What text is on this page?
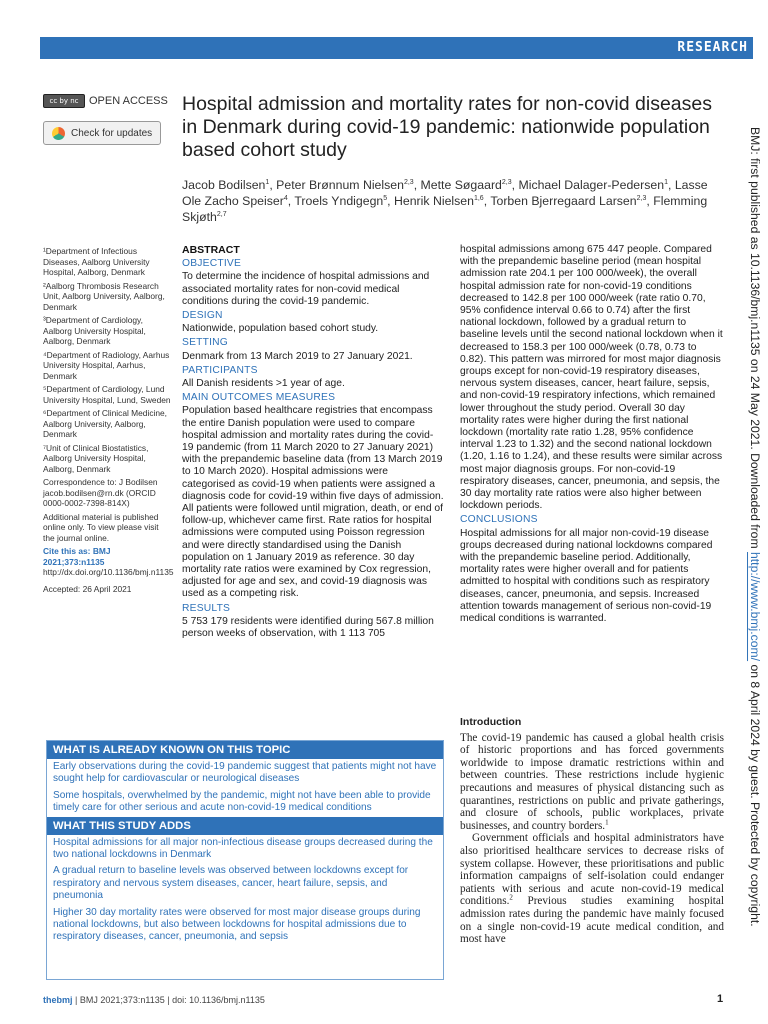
RESEARCH
cc by nc OPEN ACCESS
Check for updates
Hospital admission and mortality rates for non-covid diseases in Denmark during covid-19 pandemic: nationwide population based cohort study
Jacob Bodilsen$^1$, Peter Brønnum Nielsen$^{2,3}$, Mette Søgaard$^{2,3}$, Michael Dalager-Pedersen$^1$, Lasse Ole Zacho Speiser$^4$, Troels Yndigegn$^5$, Henrik Nielsen$^{1,6}$, Torben Bjerregaard Larsen$^{2,3}$, Flemming Skjøth$^{2,7}$	BMJ: first published as 10.1136/bmj.n1135 on 24 May 2021. Downloaded from http://www.bmj.com/ on 8 April 2024 by guest. Protected by copyright.

¹Department of Infectious Diseases, Aalborg University Hospital, Aalborg, Denmark

²Aalborg Thrombosis Research Unit, Aalborg University, Aalborg, Denmark

³Department of Cardiology, Aalborg University Hospital, Aalborg, Denmark

⁴Department of Radiology, Aarhus University Hospital, Aarhus, Denmark

⁵Department of Cardiology, Lund University Hospital, Lund, Sweden

⁶Department of Clinical Medicine, Aalborg University, Aalborg, Denmark

⁷Unit of Clinical Biostatistics, Aalborg University Hospital, Aalborg, Denmark

Correspondence to: J Bodilsen jacob.bodilsen@rn.dk (ORCID 0000-0002-7398-814X)

Additional material is published online only. To view please visit the journal online.

Cite this as: BMJ 2021;373:n1135
http://dx.doi.org/10.1136/bmj.n1135

Accepted: 26 April 2021

ABSTRACT
OBJECTIVE

To determine the incidence of hospital admissions and associated mortality rates for non-covid medical conditions during the covid-19 pandemic.

DESIGN

Nationwide, population based cohort study.

SETTING

Denmark from 13 March 2019 to 27 January 2021.

PARTICIPANTS

All Danish residents >1 year of age.

MAIN OUTCOMES MEASURES

Population based healthcare registries that encompass the entire Danish population were used to compare hospital admission and mortality rates during the covid-19 pandemic (from 11 March 2020 to 27 January 2021) with the prepandemic baseline data (from 13 March 2019 to 10 March 2020). Hospital admissions were categorised as covid-19 when patients were assigned a diagnosis code for covid-19 within five days of admission. All patients were followed until migration, death, or end of follow-up, whichever came first. Rate ratios for hospital admissions were computed using Poisson regression and were directly standardised using the Danish population on 1 January 2019 as reference. 30 day mortality rate ratios were examined by Cox regression, adjusted for age and sex, and covid-19 diagnosis was used as a competing risk.

RESULTS

5 753 179 residents were identified during 567.8 million person weeks of observation, with 1 113 705

hospital admissions among 675 447 people. Compared with the prepandemic baseline period (mean hospital admission rate 204.1 per 100 000/week), the overall hospital admission rate for non-covid-19 conditions decreased to 142.8 per 100 000/week (rate ratio 0.70, 95% confidence interval 0.66 to 0.74) after the first national lockdown, followed by a gradual return to baseline levels until the second national lockdown when it decreased to 158.3 per 100 000/week (0.78, 0.73 to 0.82). This pattern was mirrored for most major diagnosis groups except for non-covid-19 respiratory diseases, nervous system diseases, cancer, heart failure, sepsis, and non-covid-19 respiratory infections, which remained lower throughout the study period. Overall 30 day mortality rates were higher during the first national lockdown (mortality rate ratio 1.28, 95% confidence interval 1.23 to 1.32) and the second national lockdown (1.20, 1.16 to 1.24), and these results were similar across most major diagnosis groups. For non-covid-19 respiratory diseases, cancer, pneumonia, and sepsis, the 30 day mortality rate ratios were also higher between lockdown periods.

CONCLUSIONS

Hospital admissions for all major non-covid-19 disease groups decreased during national lockdowns compared with the prepandemic baseline period. Additionally, mortality rates were higher overall and for patients admitted to hospital with conditions such as respiratory diseases, cancer, pneumonia, and sepsis. Increased attention towards management of serious non-covid-19 medical conditions is warranted.

WHAT IS ALREADY KNOWN ON THIS TOPIC
Early observations during the covid-19 pandemic suggest that patients might not have sought help for cardiovascular or neurological diseases
Some hospitals, overwhelmed by the pandemic, might not have been able to provide timely care for other serious and acute non-covid-19 medical conditions
WHAT THIS STUDY ADDS
Hospital admissions for all major non-infectious disease groups decreased during the two national lockdowns in Denmark
A gradual return to baseline levels was observed between lockdowns except for respiratory and nervous system diseases, cancer, heart failure, sepsis, and pneumonia
Higher 30 day mortality rates were observed for most major disease groups during national lockdowns, but also between lockdowns for hospital admissions due to respiratory diseases, cancer, pneumonia, and sepsis
Introduction

The covid-19 pandemic has caused a global health crisis of historic proportions and has forced governments worldwide to impose dramatic restrictions within and between countries. These restrictions include hygienic precautions and measures of physical distancing such as quarantines, restrictions on public and private gatherings, and closure of schools, public workplaces, private businesses, and country borders.$^1$

Government officials and hospital administrators have also prioritised healthcare services to decrease risks of system collapse. However, these prioritisations and public information campaigns of self-isolation could endanger patients with serious and acute non-covid-19 medical conditions.$^2$ Previous studies examining hospital admission rates during the pandemic have mainly focused on a single non-covid-19 acute medical condition, and most have

thebmj | BMJ 2021;373:n1135 | doi: 10.1136/bmj.n1135	1
